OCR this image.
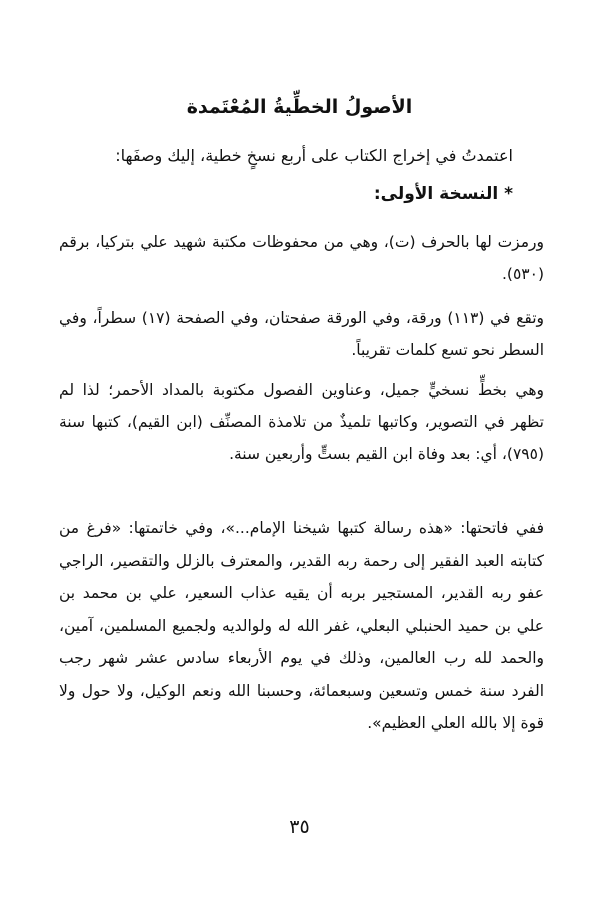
الأصولُ الخطِّيةُ المُعْتَمدة
اعتمدتُ في إخراج الكتاب على أربع نسخٍ خطية، إليك وصفَها:
* النسخة الأولى:
ورمزت لها بالحرف (ت)، وهي من محفوظات مكتبة شهيد علي بتركيا، برقم (٥٣٠).
وتقع في (١١٣) ورقة، وفي الورقة صفحتان، وفي الصفحة (١٧) سطراً، وفي السطر نحو تسع كلمات تقريباً.
وهي بخطٍّ نسخيٍّ جميل، وعناوين الفصول مكتوبة بالمداد الأحمر؛ لذا لم تظهر في التصوير، وكاتبها تلميذٌ من تلامذة المصنِّف (ابن القيم)، كتبها سنة (٧٩٥)، أي: بعد وفاة ابن القيم بستٍّ وأربعين سنة.
ففي فاتحتها: «هذه رسالة كتبها شيخنا الإمام...»، وفي خاتمتها: «فرغ من كتابته العبد الفقير إلى رحمة ربه القدير، والمعترف بالزلل والتقصير، الراجي عفو ربه القدير، المستجير بربه أن يقيه عذاب السعير، علي بن محمد بن علي بن حميد الحنبلي البعلي، غفر الله له ولوالديه ولجميع المسلمين، آمين، والحمد لله رب العالمين، وذلك في يوم الأربعاء سادس عشر شهر رجب الفرد سنة خمس وتسعين وسبعمائة، وحسبنا الله ونعم الوكيل، ولا حول ولا قوة إلا بالله العلي العظيم».
٣٥
